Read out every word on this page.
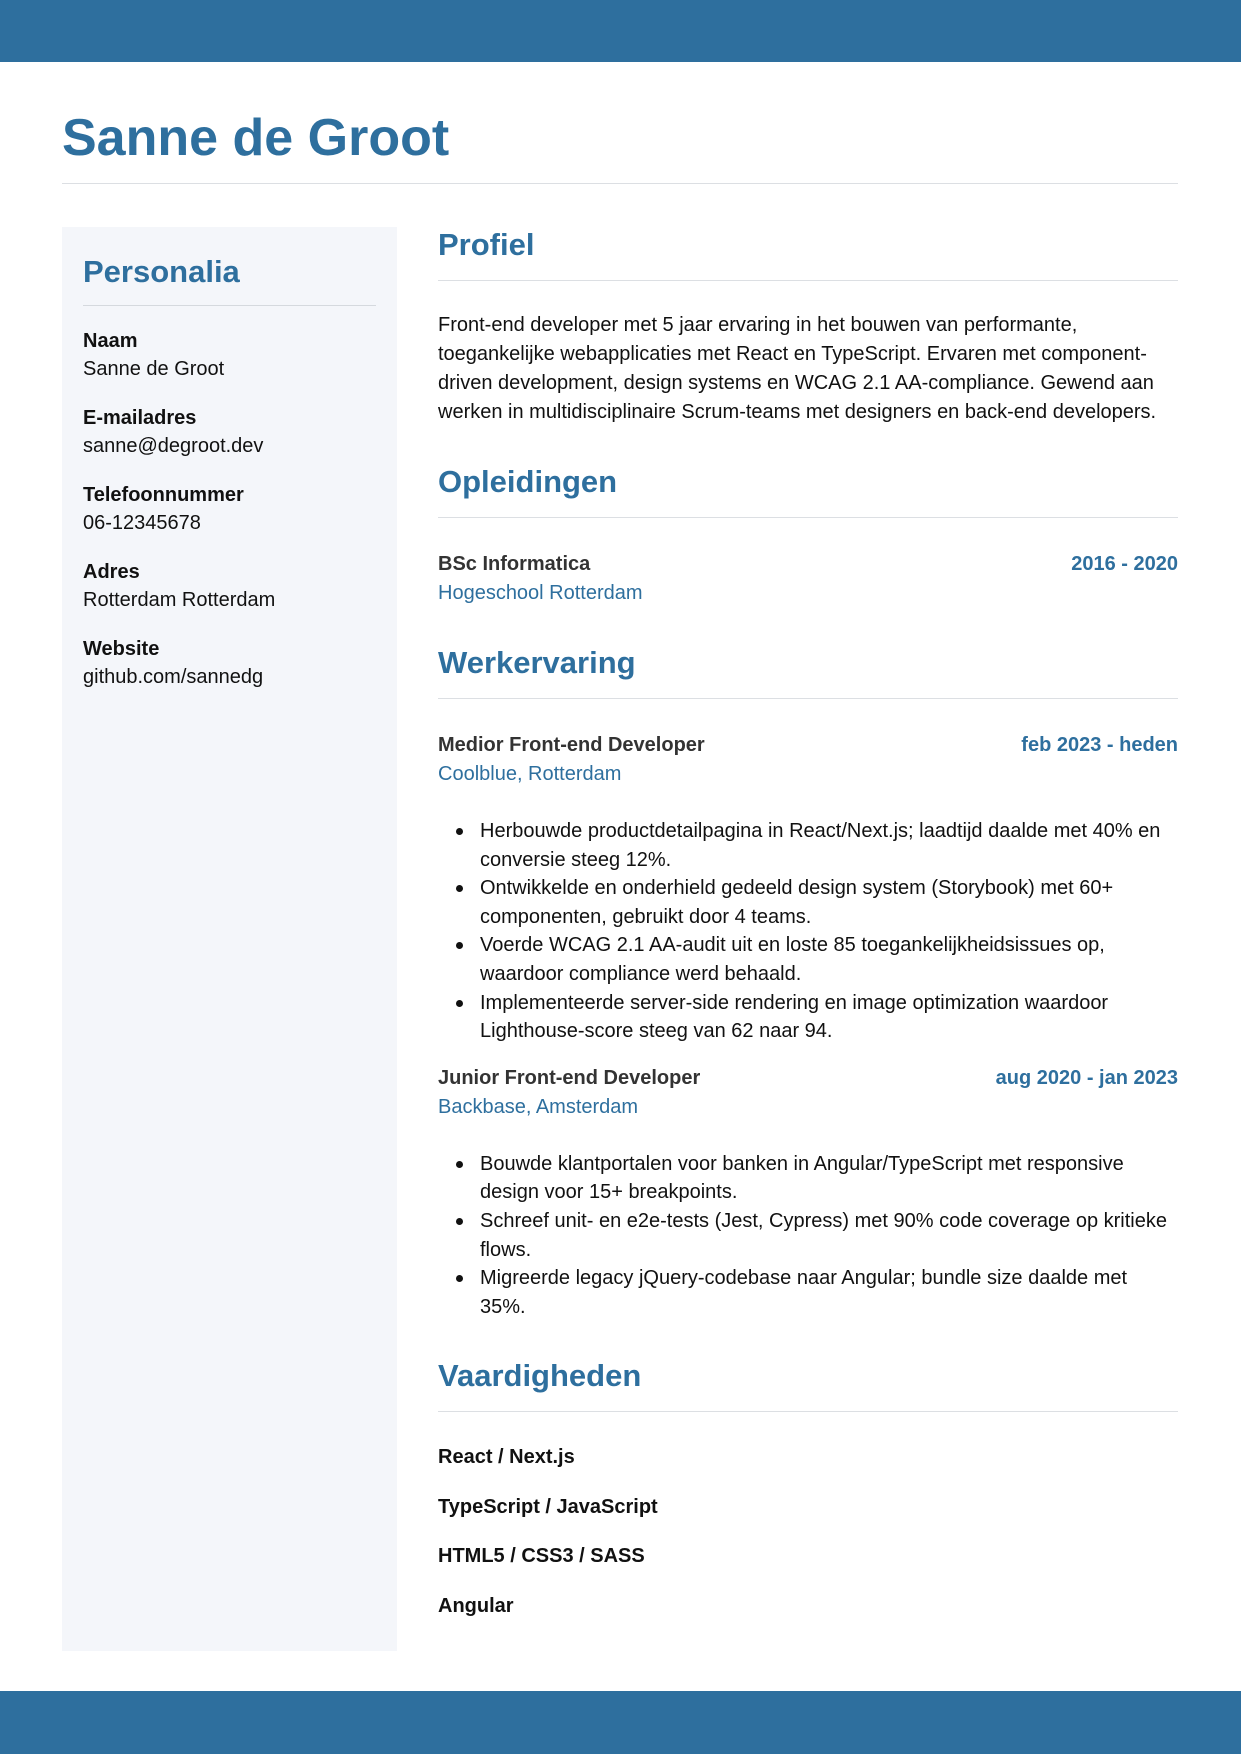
Sanne de Groot
Personalia
Naam
Sanne de Groot
E-mailadres
sanne@degroot.dev
Telefoonnummer
06-12345678
Adres
Rotterdam Rotterdam
Website
github.com/sannedg
Profiel

Front-end developer met 5 jaar ervaring in het bouwen van performante, toegankelijke webapplicaties met React en TypeScript. Ervaren met component-driven development, design systems en WCAG 2.1 AA-compliance. Gewend aan werken in multidisciplinaire Scrum-teams met designers en back-end developers.

Opleidingen
BSc Informatica	2016 - 2020
Hogeschool Rotterdam
Werkervaring
Medior Front-end Developer	feb 2023 - heden
Coolblue, Rotterdam
Herbouwde productdetailpagina in React/Next.js; laadtijd daalde met 40% en conversie steeg 12%.
Ontwikkelde en onderhield gedeeld design system (Storybook) met 60+ componenten, gebruikt door 4 teams.
Voerde WCAG 2.1 AA-audit uit en loste 85 toegankelijkheidsissues op, waardoor compliance werd behaald.
Implementeerde server-side rendering en image optimization waardoor Lighthouse-score steeg van 62 naar 94.
Junior Front-end Developer	aug 2020 - jan 2023
Backbase, Amsterdam
Bouwde klantportalen voor banken in Angular/TypeScript met responsive design voor 15+ breakpoints.
Schreef unit- en e2e-tests (Jest, Cypress) met 90% code coverage op kritieke flows.
Migreerde legacy jQuery-codebase naar Angular; bundle size daalde met 35%.
Vaardigheden
React / Next.js
TypeScript / JavaScript
HTML5 / CSS3 / SASS
Angular
